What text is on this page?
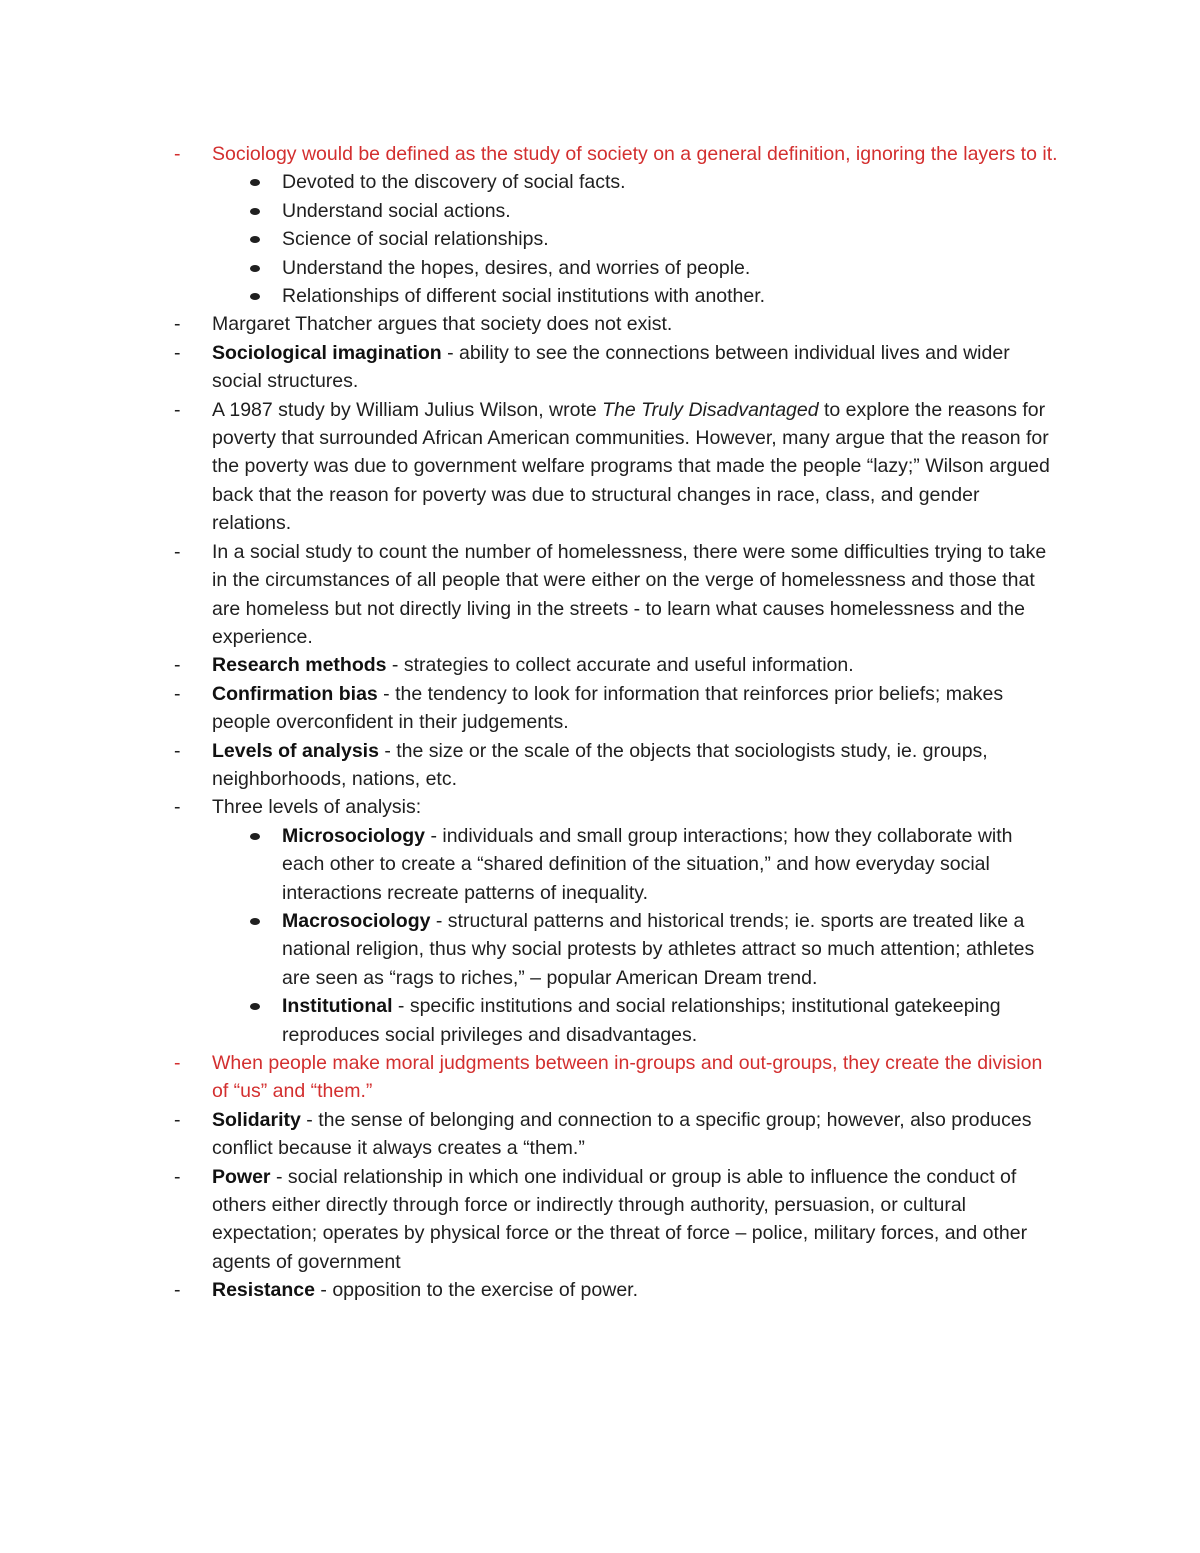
- Sociology would be defined as the study of society on a general definition, ignoring the layers to it.
Devoted to the discovery of social facts.
Understand social actions.
Science of social relationships.
Understand the hopes, desires, and worries of people.
Relationships of different social institutions with another.
- Margaret Thatcher argues that society does not exist.
- Sociological imagination - ability to see the connections between individual lives and wider social structures.
- A 1987 study by William Julius Wilson, wrote The Truly Disadvantaged to explore the reasons for poverty that surrounded African American communities. However, many argue that the reason for the poverty was due to government welfare programs that made the people “lazy;” Wilson argued back that the reason for poverty was due to structural changes in race, class, and gender relations.
- In a social study to count the number of homelessness, there were some difficulties trying to take in the circumstances of all people that were either on the verge of homelessness and those that are homeless but not directly living in the streets - to learn what causes homelessness and the experience.
- Research methods - strategies to collect accurate and useful information.
- Confirmation bias - the tendency to look for information that reinforces prior beliefs; makes people overconfident in their judgements.
- Levels of analysis - the size or the scale of the objects that sociologists study, ie. groups, neighborhoods, nations, etc.
- Three levels of analysis:
Microsociology - individuals and small group interactions; how they collaborate with each other to create a “shared definition of the situation,” and how everyday social interactions recreate patterns of inequality.
Macrosociology - structural patterns and historical trends; ie. sports are treated like a national religion, thus why social protests by athletes attract so much attention; athletes are seen as “rags to riches,” – popular American Dream trend.
Institutional - specific institutions and social relationships; institutional gatekeeping reproduces social privileges and disadvantages.
- When people make moral judgments between in-groups and out-groups, they create the division of “us” and “them.”
- Solidarity - the sense of belonging and connection to a specific group; however, also produces conflict because it always creates a “them.”
- Power - social relationship in which one individual or group is able to influence the conduct of others either directly through force or indirectly through authority, persuasion, or cultural expectation; operates by physical force or the threat of force – police, military forces, and other agents of government
- Resistance - opposition to the exercise of power.
